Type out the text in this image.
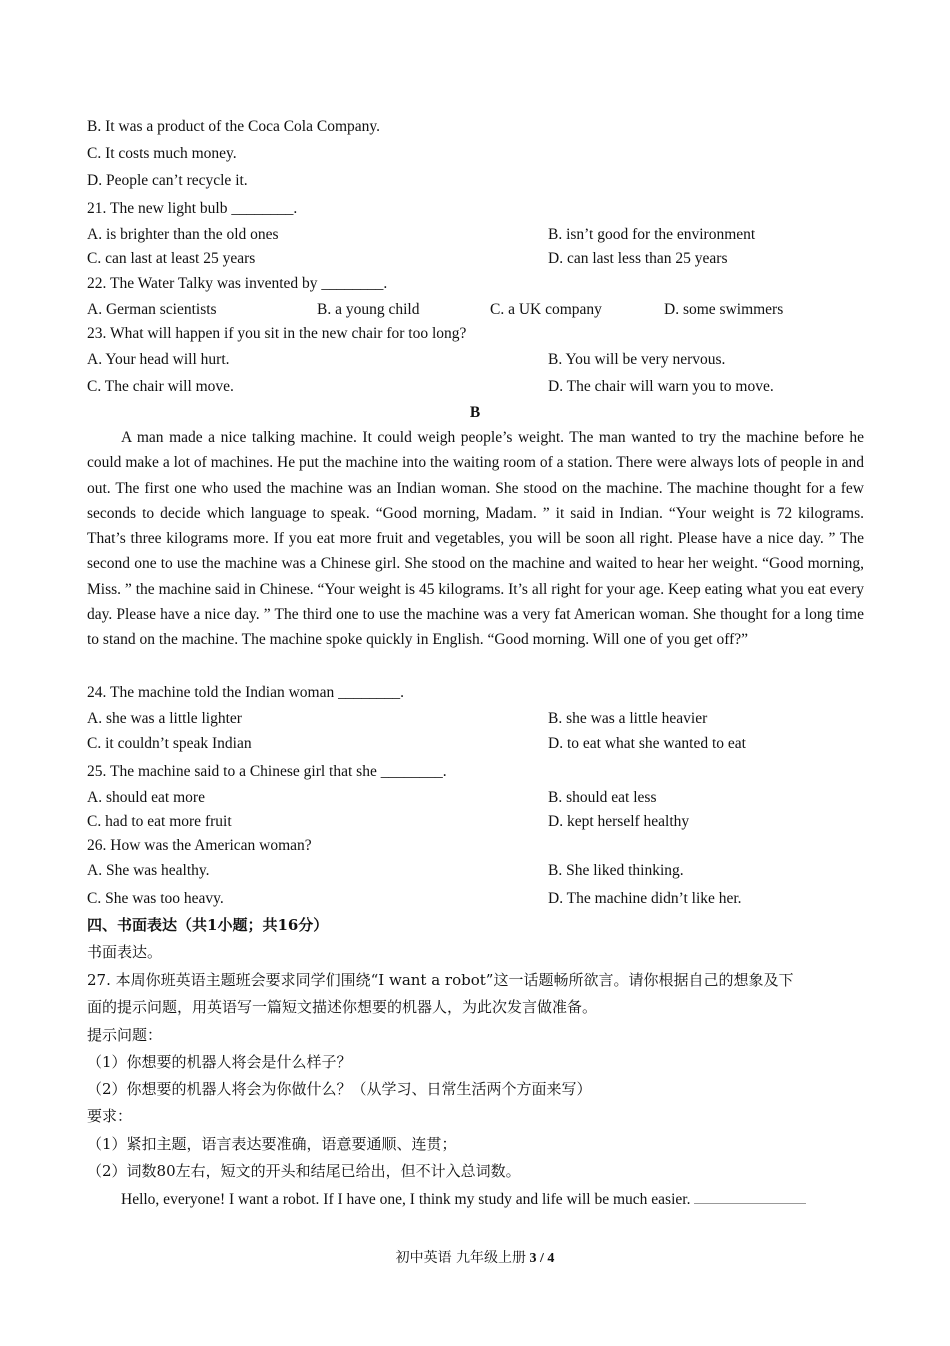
B. It was a product of the Coca Cola Company.
C. It costs much money.
D. People can’t recycle it.
21. The new light bulb ________.
A. is brighter than the old ones	B. isn’t good for the environment
C. can last at least 25 years	D. can last less than 25 years
22. The Water Talky was invented by ________.
A. German scientists	B. a young child	C. a UK company	D. some swimmers
23. What will happen if you sit in the new chair for too long?
A. Your head will hurt.	B. You will be very nervous.
C. The chair will move.	D. The chair will warn you to move.
B
A man made a nice talking machine. It could weigh people’s weight. The man wanted to try the machine before he could make a lot of machines. He put the machine into the waiting room of a station. There were always lots of people in and out. The first one who used the machine was an Indian woman. She stood on the machine. The machine thought for a few seconds to decide which language to speak. “Good morning, Madam. ” it said in Indian. “Your weight is 72 kilograms. That’s three kilograms more. If you eat more fruit and vegetables, you will be soon all right. Please have a nice day. ” The second one to use the machine was a Chinese girl. She stood on the machine and waited to hear her weight. “Good morning, Miss. ” the machine said in Chinese. “Your weight is 45 kilograms. It’s all right for your age. Keep eating what you eat every day. Please have a nice day. ” The third one to use the machine was a very fat American woman. She thought for a long time to stand on the machine. The machine spoke quickly in English. “Good morning. Will one of you get off?”
24. The machine told the Indian woman ________.
A. she was a little lighter	B. she was a little heavier
C. it couldn’t speak Indian	D. to eat what she wanted to eat
25. The machine said to a Chinese girl that she ________.
A. should eat more	B. should eat less
C. had to eat more fruit	D. kept herself healthy
26. How was the American woman?
A. She was healthy.	B. She liked thinking.
C. She was too heavy.	D. The machine didn’t like her.
四、书面表达（共1小题；共16分）
书面表达。
27. 本周你班英语主题班会要求同学们围绕“I want a robot”这一话题畅所欲言。请你根据自己的想象及下
面的提示问题，用英语写一篇短文描述你想要的机器人，为此次发言做准备。
提示问题：
（1）你想要的机器人将会是什么样子？
（2）你想要的机器人将会为你做什么？（从学习、日常生活两个方面来写）
要求：
（1）紧扣主题，语言表达要准确，语意要通顺、连贯；
（2）词数80左右，短文的开头和结尾已给出，但不计入总词数。
Hello, everyone! I want a robot. If I have one, I think my study and life will be much easier.
初中英语 九年级上册 3 / 4
